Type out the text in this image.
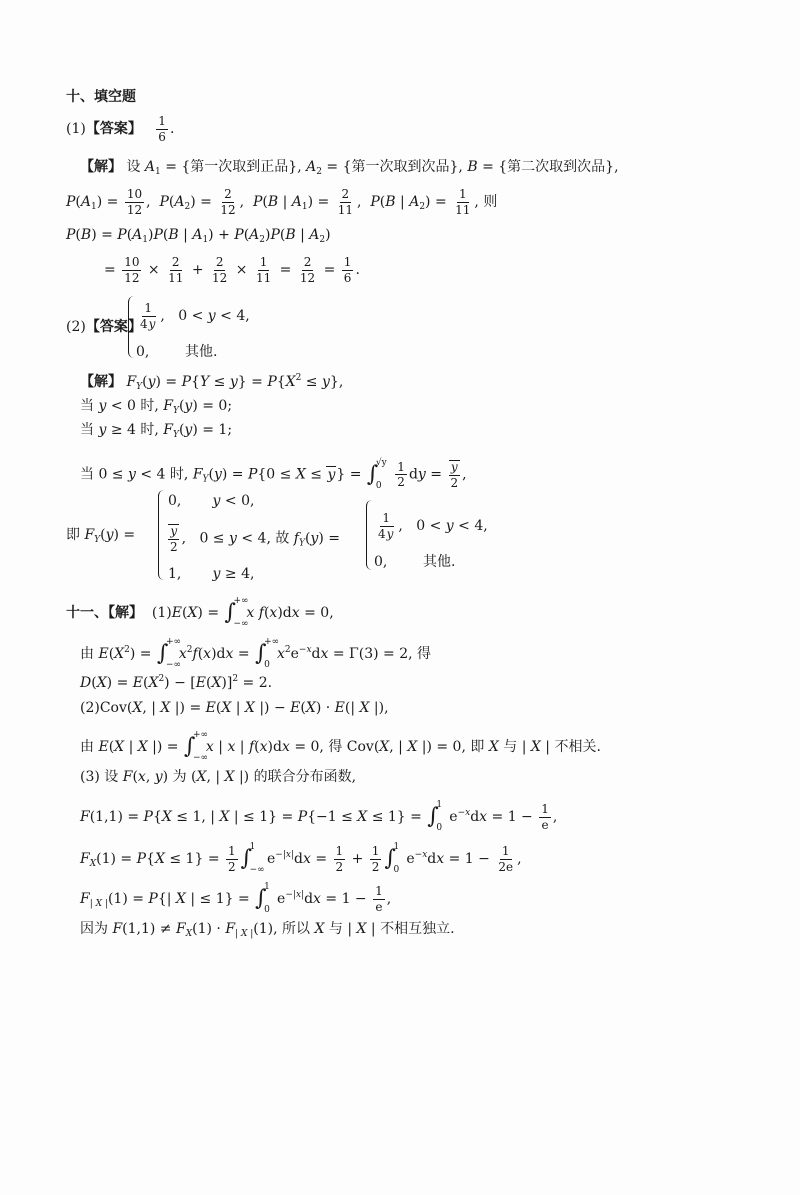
十、填空题
(1)【答案】 $\frac{1}{6}$ .
【解】 设 $A_1$ = {第一次取到正品}, $A_2$ = {第一次取到次品}, B = {第二次取到次品},
$P(A_1) = \frac{10}{12}$ ,  $P(A_2) = \frac{2}{12}$ ,  P(B | $A_1) = \frac{2}{11}$ ,  P(B | $A_2) = \frac{1}{11}$ , 则
$P(B) = P(A_1)P(B$ | $A_1) + P(A_2)P(B$ | $A_2$)
= $\frac{10}{12} \times \frac{2}{11} + \frac{2}{12} \times \frac{1}{11} = \frac{2}{12} = \frac{1}{6}$ .
(2)【答案】
$\frac{1}{4y}$ ,   0 < y < 4,
0,        其他.
【解】 $F_Y(y) = P\{Y \le y\} = P\{X^2 \le y\}$,
当 y < 0 时, $F_Y(y) = 0$;
当 y ≥ 4 时, $F_Y(y) = 1$;
当 0 ≤ y < 4 时, $F_Y(y) = P\{0 \le X \le y\}$ = ∫
√y
0
$\frac{1}{2}$ dy = $\frac{y}{2}$ ,
即 $F_Y(y)$ =
0,       y < 0,
$\frac{y}{2}$ ,   0 ≤ y < 4, 故 $f_Y(y)$ =
1,       y ≥ 4,
$\frac{1}{4y}$ ,   0 < y < 4,
0,        其他.
十一、【解】  (1)E(X) = ∫
+∞
−∞
x f(x)dx = 0,
由 $E(X^2)$ = ∫
+∞
−∞
$x^2f(x)dx$ = ∫
+∞
0
$x^2e^{-x}dx = \Gamma(3) = 2$, 得
$D(X) = E(X^2) - [E(X)]^2 = 2$.
(2)Cov(X, | X |) = E(X | X |) − E(X) · E(| X |),
由 E(X | X |) = ∫
+∞
−∞
x | x | f(x)dx = 0, 得 Cov(X, | X |) = 0, 即 X 与 | X | 不相关.
(3) 设 F(x, y) 为 (X, | X |) 的联合分布函数,
F(1,1) = P{X ≤ 1, | X | ≤ 1} = P{−1 ≤ X ≤ 1} = ∫
1
0
$e^{-x}dx = 1 - \frac{1}{e}$ ,
$F_X(1) = P\{X \le 1\} = \frac{1}{2}$ ∫
1
−∞
$e^{-|x|}dx = \frac{1}{2} + \frac{1}{2}$ ∫
1
0
$e^{-x}dx = 1 - \frac{1}{2e}$ ,
$F_{| X |}(1) = P\{|$ X | ≤ 1} = ∫
1
0
$e^{-|x|}dx = 1 - \frac{1}{e}$ ,
因为 $F(1,1) \ne F_X(1) \cdot F_{| X |}(1)$, 所以 X 与 | X | 不相互独立.
